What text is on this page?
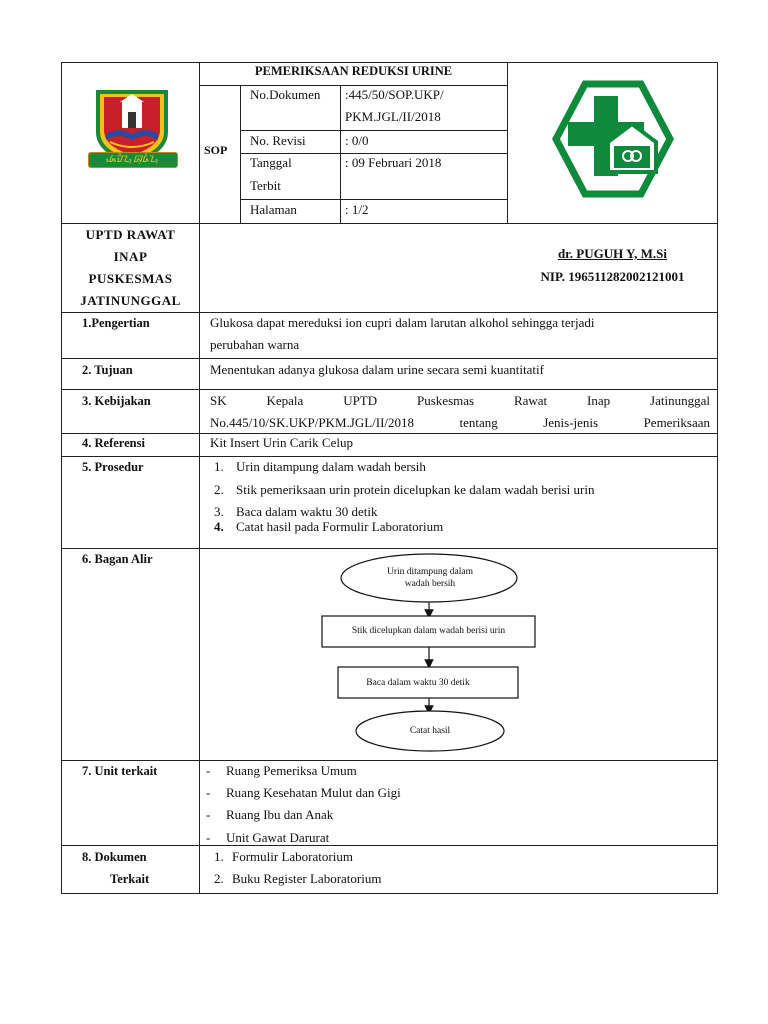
ᮏᮦᮙᮨᮔ᮪ ᮘᮥᮓᮤᮔ᮪
PEMERIKSAAN REDUKSI URINE
SOP
No.Dokumen :445/50/SOP.UKP/
PKM.JGL/II/2018
No. Revisi	: 0/0
Tanggal
Terbit
: 09 Februari 2018
Halaman	: 1/2
UPTD RAWAT
INAP
PUSKESMAS
JATINUNGGAL
dr. PUGUH Y, M.Si
NIP. 196511282002121001
1.Pengertian	Glukosa dapat mereduksi ion cupri dalam larutan alkohol sehingga terjadi
perubahan warna
2. Tujuan	Menentukan adanya glukosa dalam urine secara semi kuantitatif
3. Kebijakan	SK	Kepala	UPTD	Puskesmas	Rawat	Inap	Jatinunggal
No.445/10/SK.UKP/PKM.JGL/II/2018	tentang	Jenis-jenis	Pemeriksaan
4. Referensi	Kit Insert Urin Carik Celup
5. Prosedur	1. Urin ditampung dalam wadah bersih
2. Stik pemeriksaan urin protein dicelupkan ke dalam wadah berisi urin
3. Baca dalam waktu 30 detik
4. Catat hasil pada Formulir Laboratorium
6. Bagan Alir
Urin ditampung dalam
wadah bersih
Stik dicelupkan dalam wadah berisi urin
Baca dalam waktu 30 detik
Catat hasil
7. Unit terkait	- Ruang Pemeriksa Umum
- Ruang Kesehatan Mulut dan Gigi
- Ruang Ibu dan Anak
- Unit Gawat Darurat
8. Dokumen
Terkait
1. Formulir Laboratorium
2. Buku Register Laboratorium
